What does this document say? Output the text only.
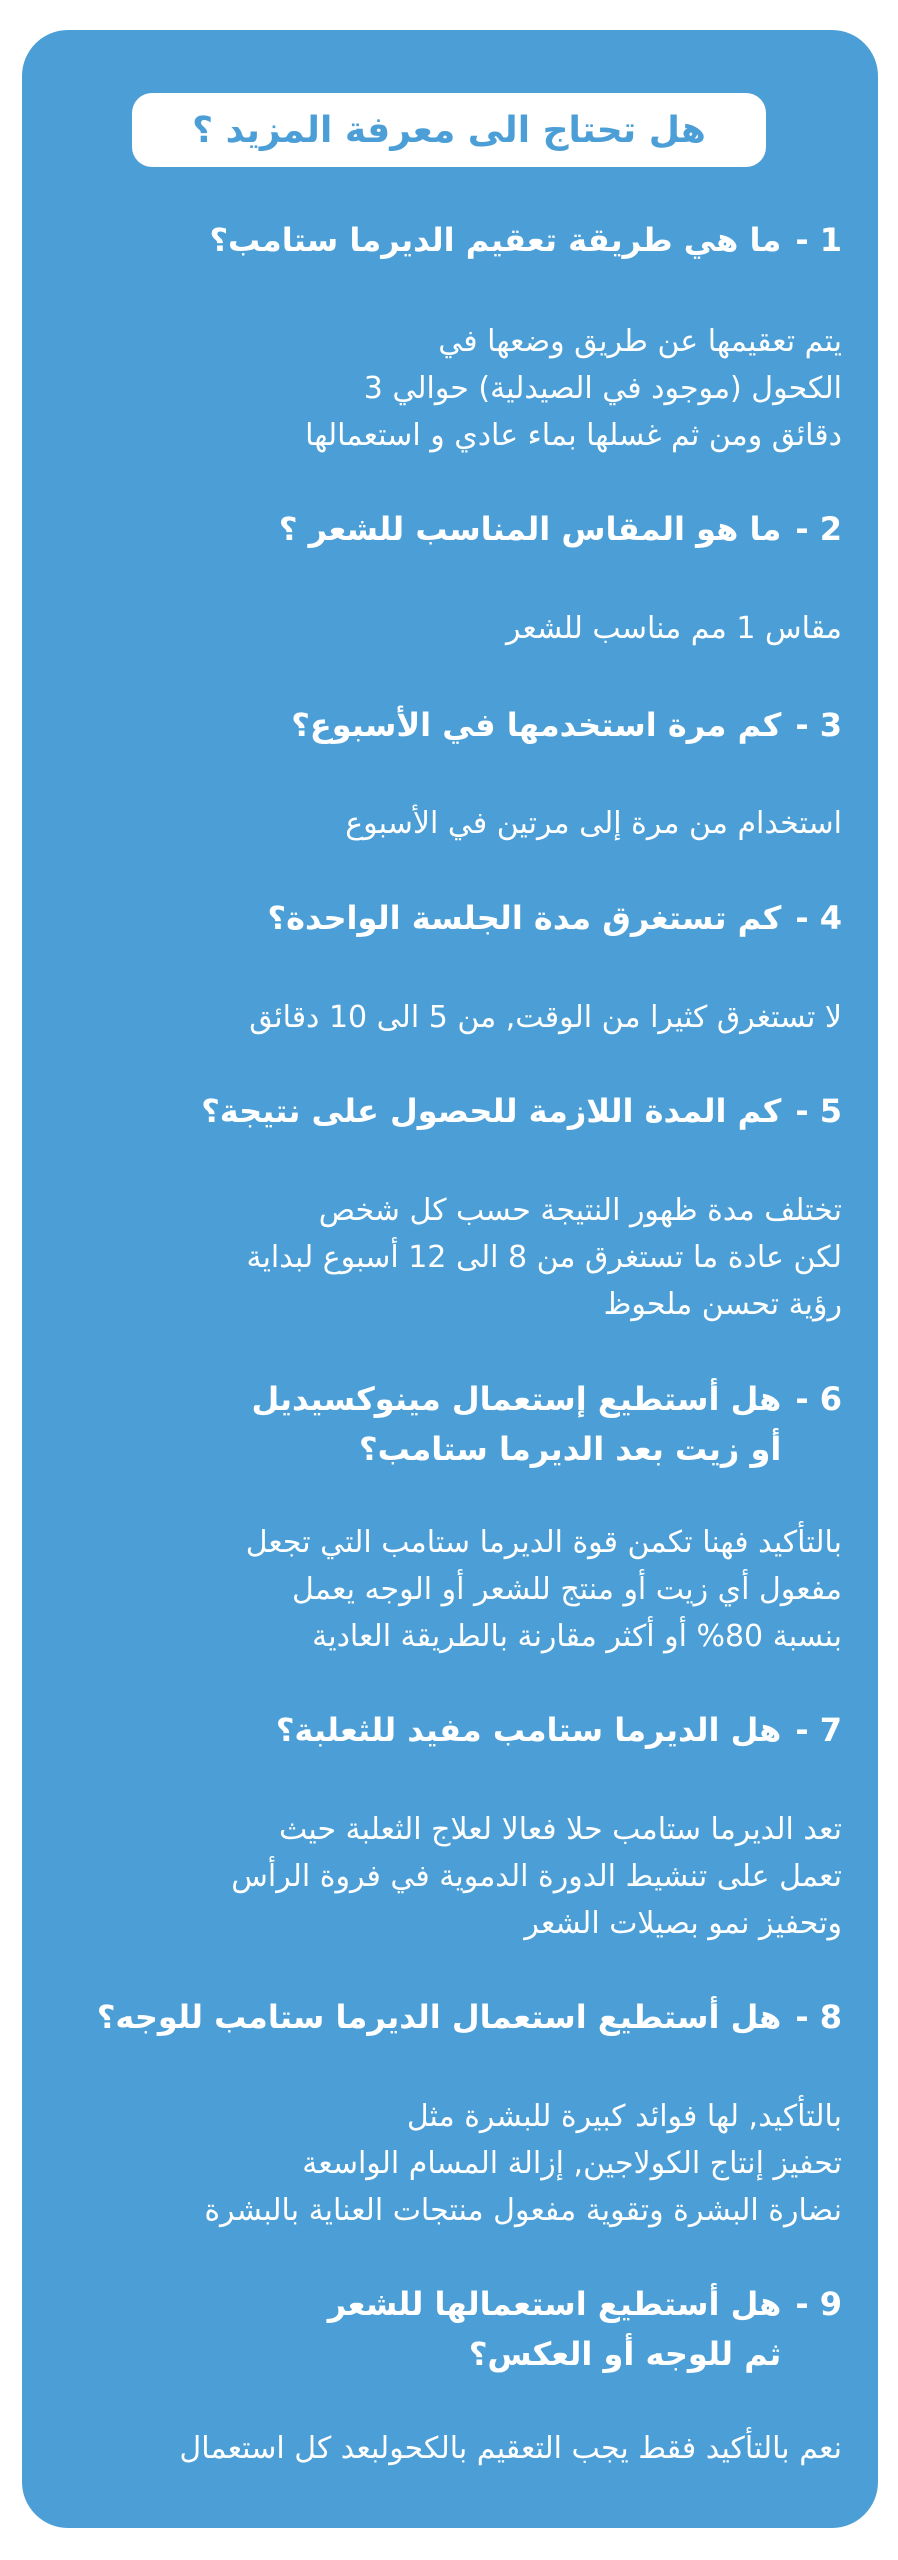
هل تحتاج الى معرفة المزيد ؟
1 -
ما هي طريقة تعقيم الديرما ستامب؟
يتم تعقيمها عن طريق وضعها في
الكحول (موجود في الصيدلية) حوالي 3
دقائق ومن ثم غسلها بماء عادي و استعمالها
2 -
ما هو المقاس المناسب للشعر ؟
مقاس 1 مم مناسب للشعر
3 -
كم مرة استخدمها في الأسبوع؟
استخدام من مرة إلى مرتين في الأسبوع
4 -
كم تستغرق مدة الجلسة الواحدة؟
لا تستغرق كثيرا من الوقت, من 5 الى 10 دقائق
5 -
كم المدة اللازمة للحصول على نتيجة؟
تختلف مدة ظهور النتيجة حسب كل شخص
لكن عادة ما تستغرق من 8 الى 12 أسبوع لبداية
رؤية تحسن ملحوظ
6 -
هل أستطيع إستعمال مينوكسيديل
أو زيت بعد الديرما ستامب؟
بالتأكيد فهنا تكمن قوة الديرما ستامب التي تجعل
مفعول أي زيت أو منتج للشعر أو الوجه يعمل
بنسبة 80% أو أكثر مقارنة بالطريقة العادية
7 -
هل الديرما ستامب مفيد للثعلبة؟
تعد الديرما ستامب حلا فعالا لعلاج الثعلبة حيث
تعمل على تنشيط الدورة الدموية في فروة الرأس
وتحفيز نمو بصيلات الشعر
8 -
هل أستطيع استعمال الديرما ستامب للوجه؟
بالتأكيد, لها فوائد كبيرة للبشرة مثل
تحفيز إنتاج الكولاجين, إزالة المسام الواسعة
نضارة البشرة وتقوية مفعول منتجات العناية بالبشرة
9 -
هل أستطيع استعمالها للشعر
ثم للوجه أو العكس؟
نعم بالتأكيد فقط يجب التعقيم بالكحولبعد كل استعمال
